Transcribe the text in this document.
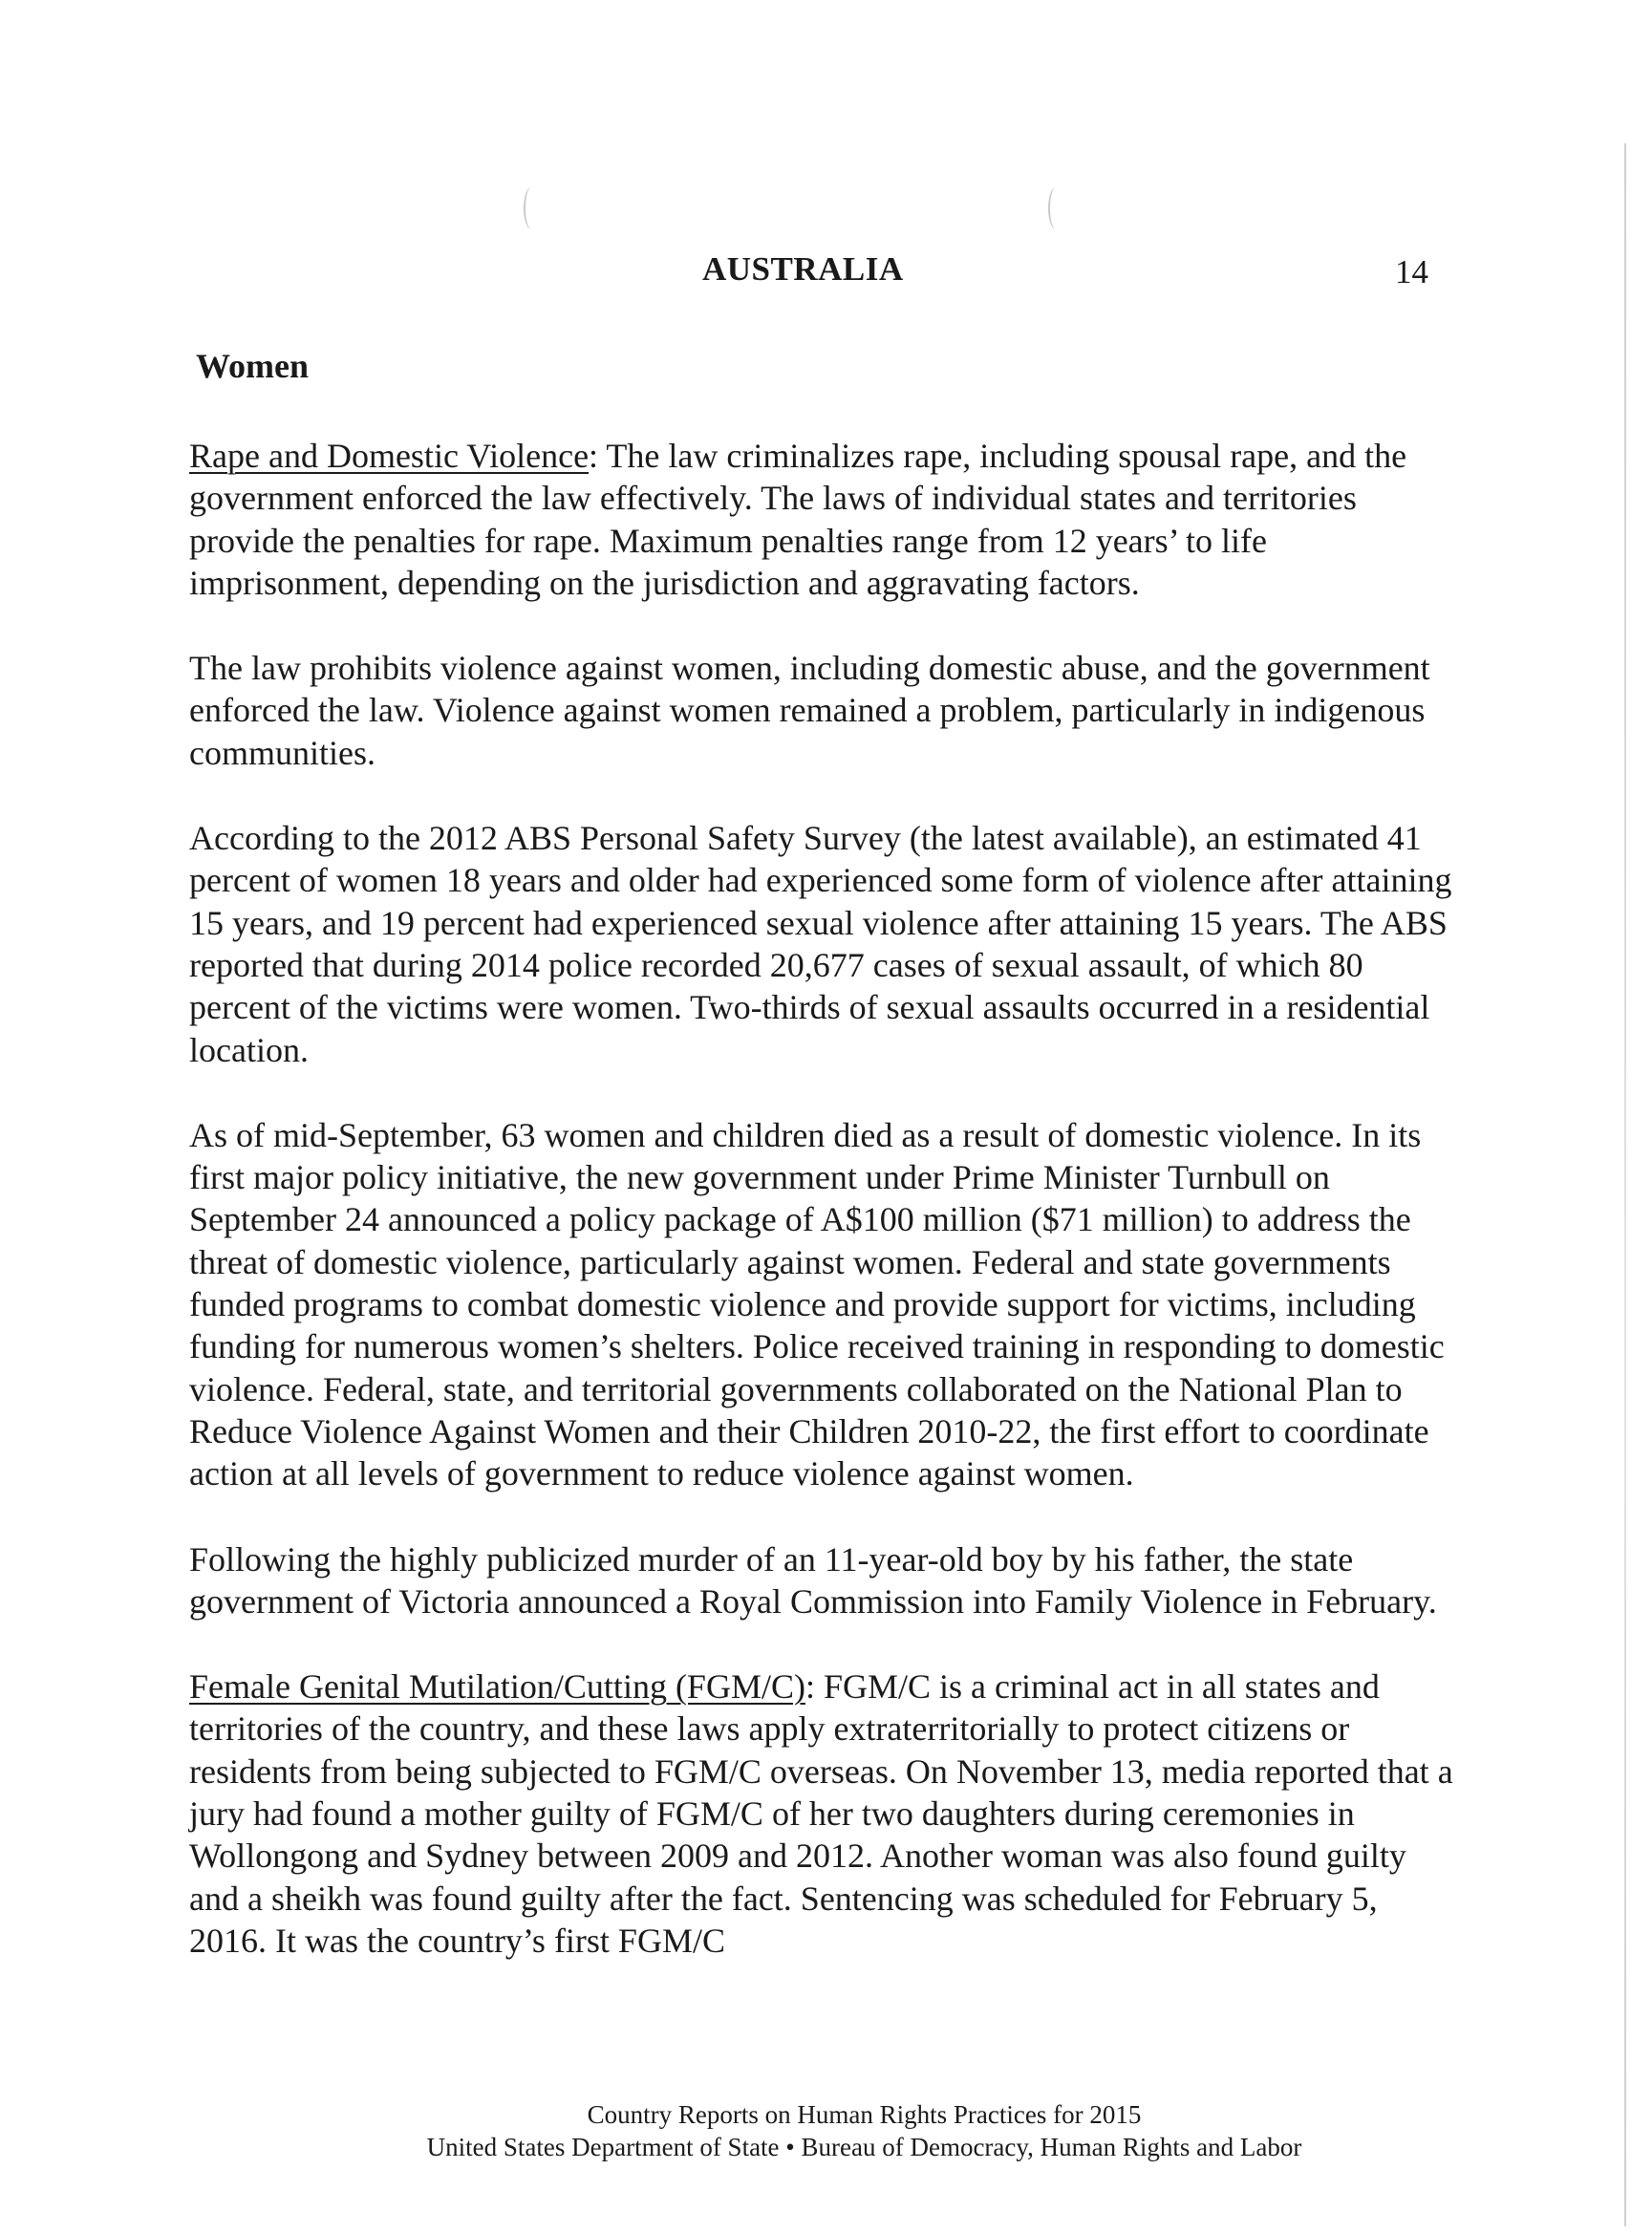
AUSTRALIA	14
Women

Rape and Domestic Violence: The law criminalizes rape, including spousal rape, and the government enforced the law effectively. The laws of individual states and territories provide the penalties for rape. Maximum penalties range from 12 years’ to life imprisonment, depending on the jurisdiction and aggravating factors.

The law prohibits violence against women, including domestic abuse, and the government enforced the law. Violence against women remained a problem, particularly in indigenous communities.

According to the 2012 ABS Personal Safety Survey (the latest available), an estimated 41 percent of women 18 years and older had experienced some form of violence after attaining 15 years, and 19 percent had experienced sexual violence after attaining 15 years. The ABS reported that during 2014 police recorded 20,677 cases of sexual assault, of which 80 percent of the victims were women. Two-thirds of sexual assaults occurred in a residential location.

As of mid-September, 63 women and children died as a result of domestic violence. In its first major policy initiative, the new government under Prime Minister Turnbull on September 24 announced a policy package of A$100 million ($71 million) to address the threat of domestic violence, particularly against women. Federal and state governments funded programs to combat domestic violence and provide support for victims, including funding for numerous women’s shelters. Police received training in responding to domestic violence. Federal, state, and territorial governments collaborated on the National Plan to Reduce Violence Against Women and their Children 2010-22, the first effort to coordinate action at all levels of government to reduce violence against women.

Following the highly publicized murder of an 11-year-old boy by his father, the state government of Victoria announced a Royal Commission into Family Violence in February.

Female Genital Mutilation/Cutting (FGM/C): FGM/C is a criminal act in all states and territories of the country, and these laws apply extraterritorially to protect citizens or residents from being subjected to FGM/C overseas. On November 13, media reported that a jury had found a mother guilty of FGM/C of her two daughters during ceremonies in Wollongong and Sydney between 2009 and 2012. Another woman was also found guilty and a sheikh was found guilty after the fact. Sentencing was scheduled for February 5, 2016. It was the country’s first FGM/C

Country Reports on Human Rights Practices for 2015
United States Department of State • Bureau of Democracy, Human Rights and Labor
